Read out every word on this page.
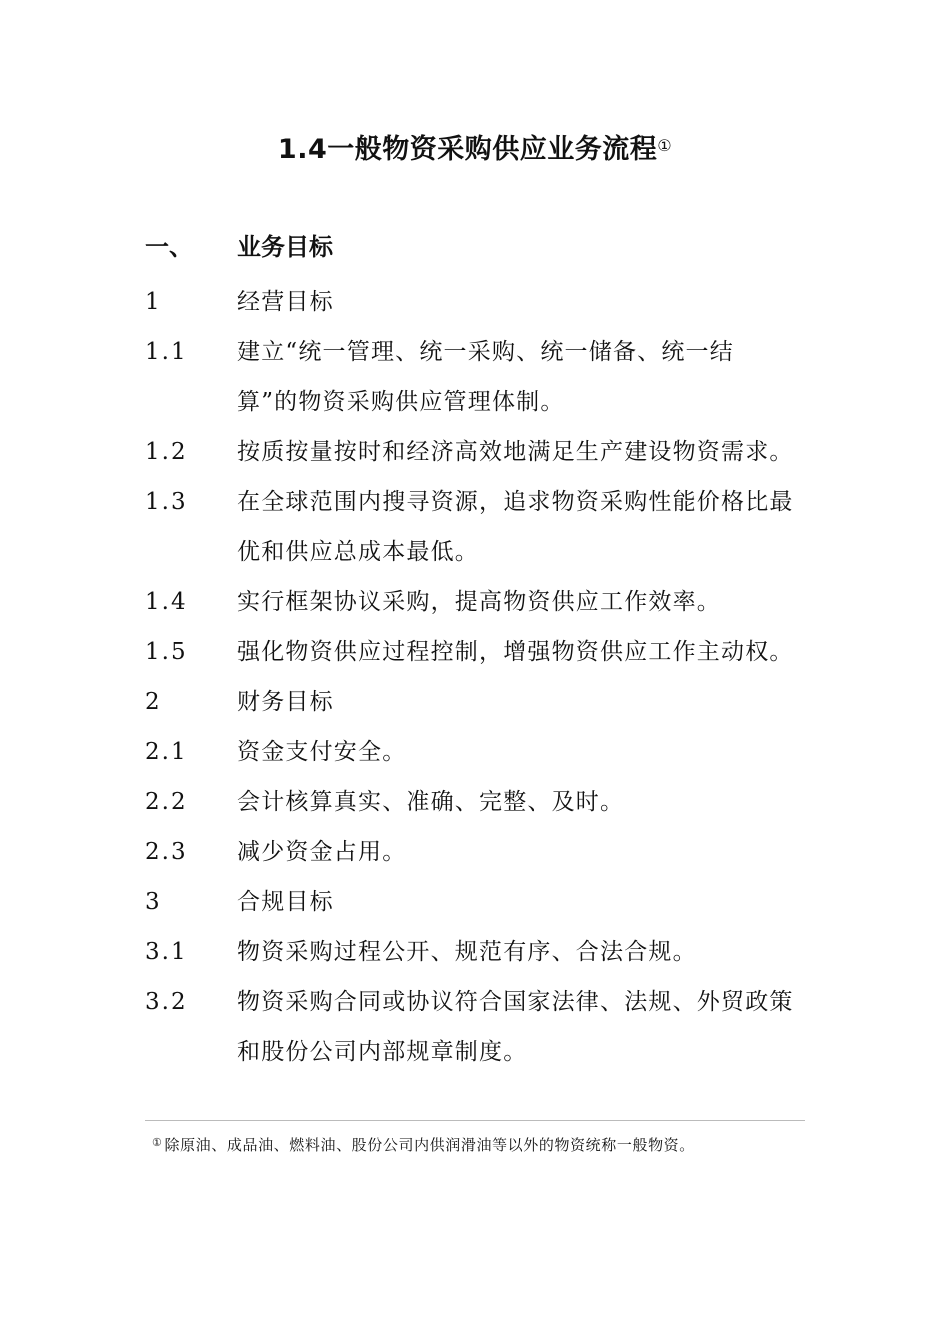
1.4一般物资采购供应业务流程①
一、 业务目标
1	经营目标
1.1	建立“统一管理、统一采购、统一储备、统一结算”的物资采购供应管理体制。
1.2	按质按量按时和经济高效地满足生产建设物资需求。
1.3	在全球范围内搜寻资源，追求物资采购性能价格比最优和供应总成本最低。
1.4	实行框架协议采购，提高物资供应工作效率。
1.5	强化物资供应过程控制，增强物资供应工作主动权。
2	财务目标
2.1	资金支付安全。
2.2	会计核算真实、准确、完整、及时。
2.3	减少资金占用。
3	合规目标
3.1	物资采购过程公开、规范有序、合法合规。
3.2	物资采购合同或协议符合国家法律、法规、外贸政策和股份公司内部规章制度。
① 除原油、成品油、燃料油、股份公司内供润滑油等以外的物资统称一般物资。
